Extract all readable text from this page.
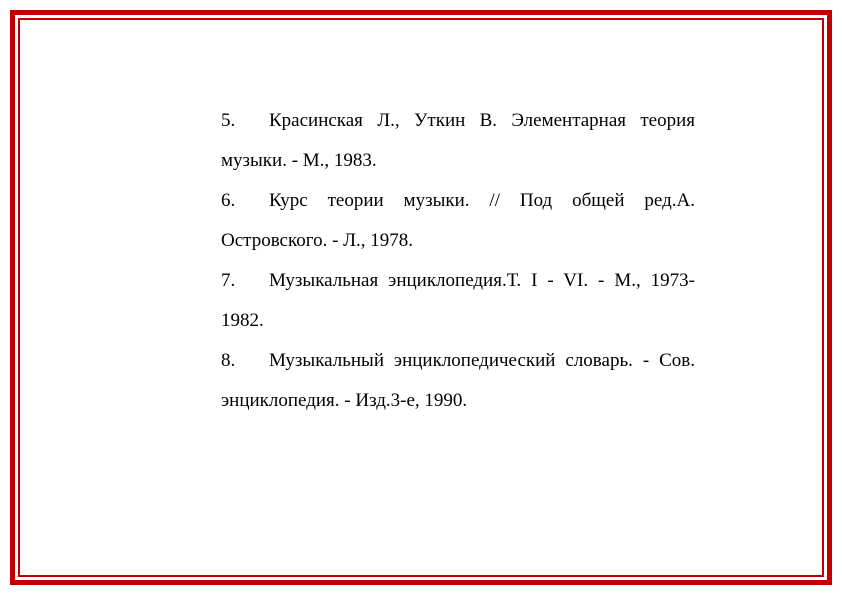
5. Красинская Л., Уткин В. Элементарная теория музыки. - М., 1983.
6. Курс теории музыки. // Под общей ред.А. Островского. - Л., 1978.
7. Музыкальная энциклопедия.Т. I - VI. - М., 1973-1982.
8. Музыкальный энциклопедический словарь. - Сов. энциклопедия. - Изд.3-е, 1990.
